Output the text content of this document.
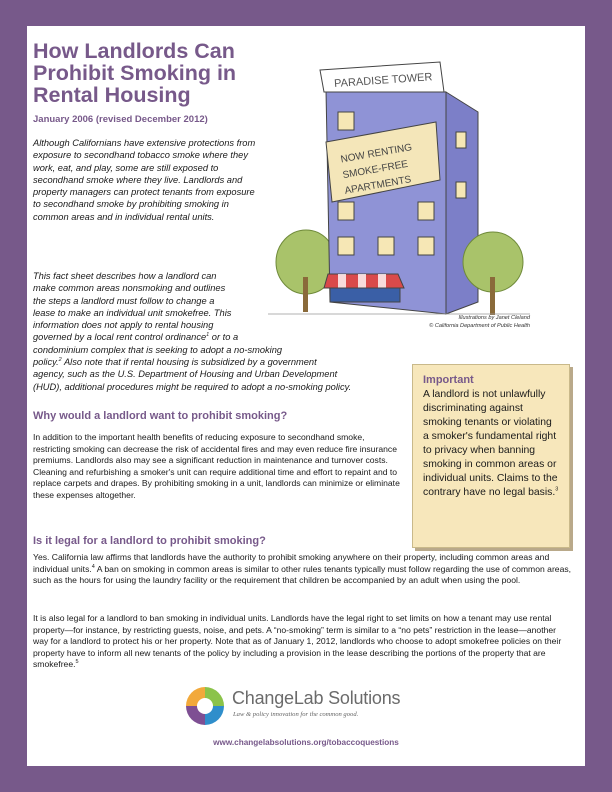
How Landlords Can Prohibit Smoking in Rental Housing
January 2006 (revised December 2012)

Although Californians have extensive protections from exposure to secondhand tobacco smoke where they work, eat, and play, some are still exposed to secondhand smoke where they live. Landlords and property managers can protect tenants from exposure to secondhand smoke by prohibiting smoking in common areas and in individual rental units.

This fact sheet describes how a landlord can
make common areas nonsmoking and outlines
the steps a landlord must follow to change a
lease to make an individual unit smokefree. This
information does not apply to rental housing
governed by a local rent control ordinance$^1$ or to a
condominium complex that is seeking to adopt a no-smoking
policy.$^2$ Also note that if rental housing is subsidized by a government
agency, such as the U.S. Department of Housing and Urban Development
(HUD), additional procedures might be required to adopt a no-smoking policy.
PARADISE TOWER
NOW RENTING
SMOKE-FREE
APARTMENTS
Illustrations by Janet Cleland
© California Department of Public Health
Why would a landlord want to prohibit smoking?

In addition to the important health benefits of reducing exposure to secondhand smoke, restricting smoking can decrease the risk of accidental fires and may even reduce fire insurance premiums. Landlords also may see a significant reduction in maintenance and turnover costs. Cleaning and refurbishing a smoker's unit can require additional time and effort to repaint and to replace carpets and drapes. By prohibiting smoking in a unit, landlords can minimize or eliminate these expenses altogether.

Important
A landlord is not unlawfully discriminating against smoking tenants or violating a smoker's fundamental right to privacy when banning smoking in common areas or individual units. Claims to the contrary have no legal basis.$^3$
Is it legal for a landlord to prohibit smoking?

Yes. California law affirms that landlords have the authority to prohibit smoking anywhere on their property, including common areas and individual units.$^4$ A ban on smoking in common areas is similar to other rules tenants typically must follow regarding the use of common areas, such as the hours for using the laundry facility or the requirement that children be accompanied by an adult when using the pool.

It is also legal for a landlord to ban smoking in individual units. Landlords have the legal right to set limits on how a tenant may use rental property—for instance, by restricting guests, noise, and pets. A “no-smoking” term is similar to a “no pets” restriction in the lease—another way for a landlord to protect his or her property. Note that as of January 1, 2012, landlords who choose to adopt smokefree policies on their property have to inform all new tenants of the policy by including a provision in the lease describing the portions of the property that are smokefree.$^5$

ChangeLab Solutions
Law & policy innovation for the common good.
www.changelabsolutions.org/tobaccoquestions
